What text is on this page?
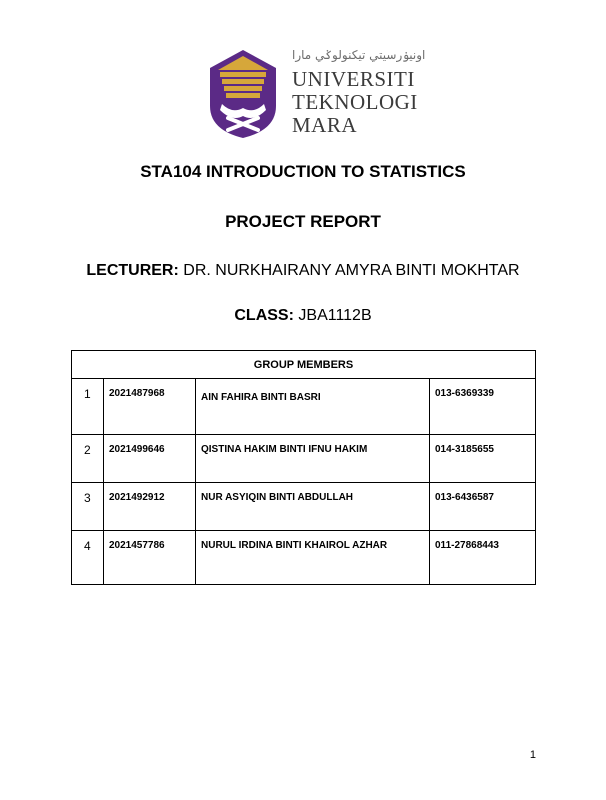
اونيۏرسيتي تيكنولوݢي مارا
UNIVERSITI
TEKNOLOGI
MARA
STA104 INTRODUCTION TO STATISTICS
PROJECT REPORT
LECTURER: DR. NURKHAIRANY AMYRA BINTI MOKHTAR
CLASS: JBA1112B
GROUP MEMBERS			
1	2021487968	AIN FAHIRA BINTI BASRI	013-6369339
2	2021499646	QISTINA HAKIM BINTI IFNU HAKIM	014-3185655
3	2021492912	NUR ASYIQIN BINTI ABDULLAH	013-6436587
4	2021457786	NURUL IRDINA BINTI KHAIROL AZHAR	011-27868443
1
